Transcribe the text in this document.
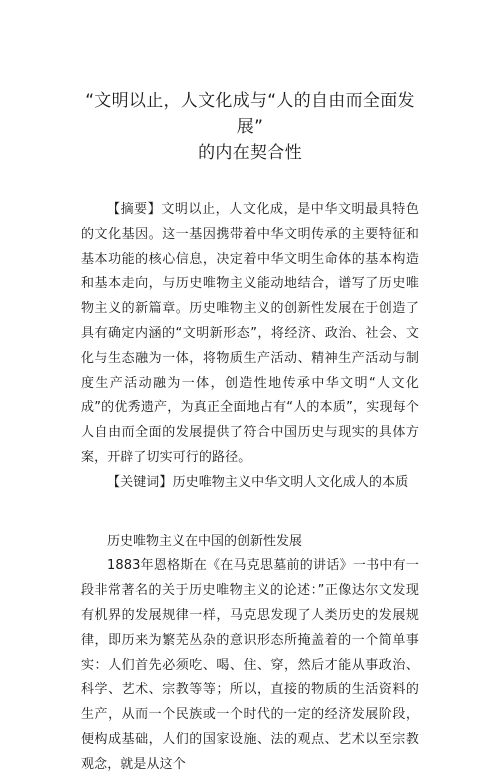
“文明以止，人文化成与“人的自由而全面发展”
的内在契合性

【摘要】文明以止，人文化成，是中华文明最具特色的文化基因。这一基因携带着中华文明传承的主要特征和基本功能的核心信息，决定着中华文明生命体的基本构造和基本走向，与历史唯物主义能动地结合，谱写了历史唯物主义的新篇章。历史唯物主义的创新性发展在于创造了具有确定内涵的“文明新形态”，将经济、政治、社会、文化与生态融为一体，将物质生产活动、精神生产活动与制度生产活动融为一体，创造性地传承中华文明“人文化成”的优秀遗产，为真正全面地占有“人的本质”，实现每个人自由而全面的发展提供了符合中国历史与现实的具体方案，开辟了切实可行的路径。

【关键词】历史唯物主义中华文明人文化成人的本质

历史唯物主义在中国的创新性发展

1883年恩格斯在《在马克思墓前的讲话》一书中有一段非常著名的关于历史唯物主义的论述：”正像达尔文发现有机界的发展规律一样，马克思发现了人类历史的发展规律，即历来为繁芜丛杂的意识形态所掩盖着的一个简单事实：人们首先必须吃、喝、住、穿，然后才能从事政治、科学、艺术、宗教等等；所以，直接的物质的生活资料的生产，从而一个民族或一个时代的一定的经济发展阶段，便构成基础，人们的国家设施、法的观点、艺术以至宗教观念，就是从这个
